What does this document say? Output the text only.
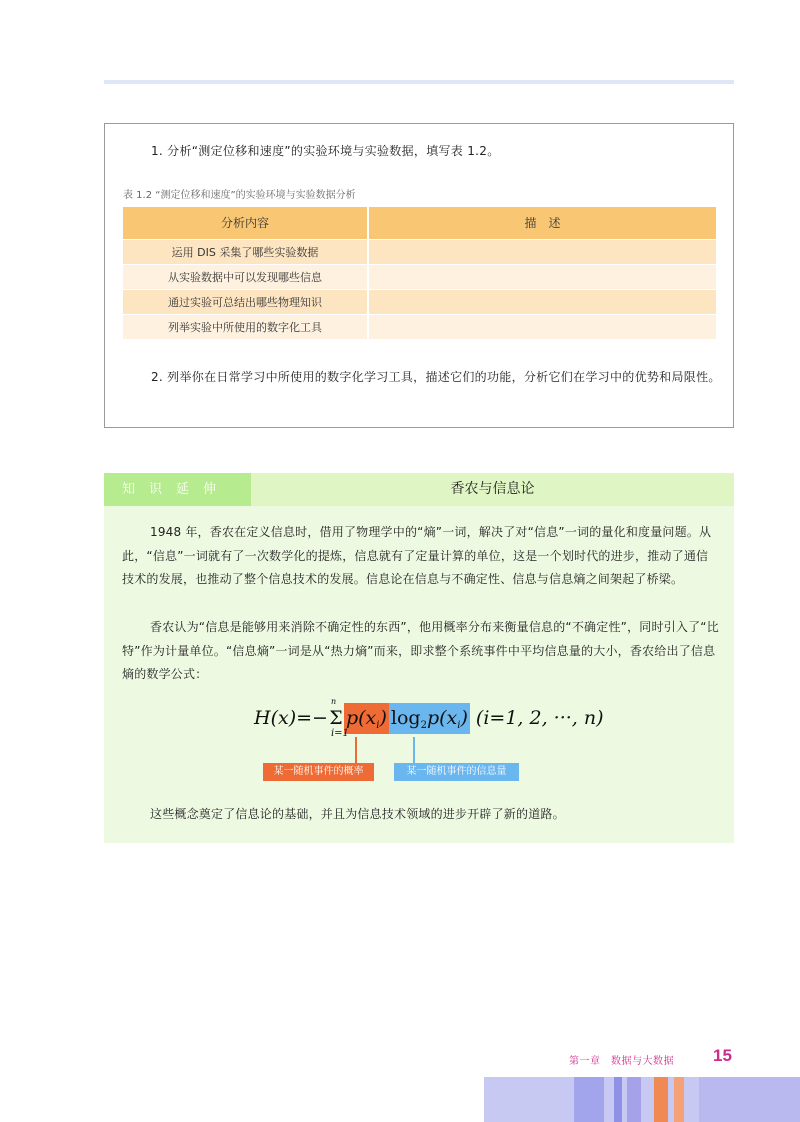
1. 分析“测定位移和速度”的实验环境与实验数据，填写表 1.2。

表 1.2 “测定位移和速度”的实验环境与实验数据分析

分析内容	描　述
运用 DIS 采集了哪些实验数据	
从实验数据中可以发现哪些信息	
通过实验可总结出哪些物理知识	
列举实验中所使用的数字化工具	

2. 列举你在日常学习中所使用的数字化学习工具，描述它们的功能，分析它们在学习中的优势和局限性。

知识延伸	香农与信息论

1948 年，香农在定义信息时，借用了物理学中的“熵”一词，解决了对“信息”一词的量化和度量问题。从此，“信息”一词就有了一次数学化的提炼，信息就有了定量计算的单位，这是一个划时代的进步，推动了通信技术的发展，也推动了整个信息技术的发展。信息论在信息与不确定性、信息与信息熵之间架起了桥梁。

香农认为“信息是能够用来消除不确定性的东西”，他用概率分布来衡量信息的“不确定性”，同时引入了“比特”作为计量单位。“信息熵”一词是从“热力熵”而来，即求整个系统事件中平均信息量的大小，香农给出了信息熵的数学公式：

H(x)=−Σ
n
i=1
$p(x_i)$ $\log_2p(x_i)$ (i=1, 2, ···, n)
某一随机事件的概率	某一随机事件的信息量

这些概念奠定了信息论的基础，并且为信息技术领域的进步开辟了新的道路。

第一章　数据与大数据 15
